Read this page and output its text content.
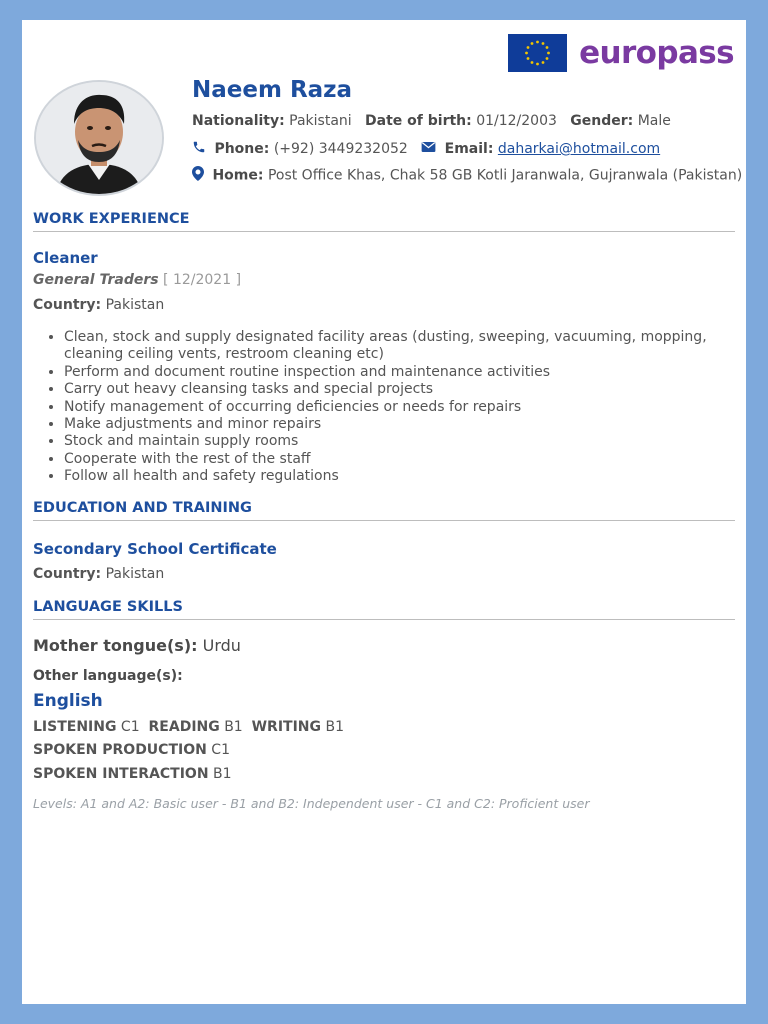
europass
Naeem Raza
Nationality: Pakistani Date of birth: 01/12/2003 Gender: Male
Phone: (+92) 3449232052	Email: daharkai@hotmail.com
Home: Post Office Khas, Chak 58 GB Kotli Jaranwala, Gujranwala (Pakistan)
WORK EXPERIENCE
Cleaner
General Traders [ 12/2021 ]
Country: Pakistan
• Clean, stock and supply designated facility areas (dusting, sweeping, vacuuming, mopping, cleaning ceiling vents, restroom cleaning etc)
• Perform and document routine inspection and maintenance activities
• Carry out heavy cleansing tasks and special projects
• Notify management of occurring deficiencies or needs for repairs
• Make adjustments and minor repairs
• Stock and maintain supply rooms
• Cooperate with the rest of the staff
• Follow all health and safety regulations
EDUCATION AND TRAINING
Secondary School Certificate
Country: Pakistan
LANGUAGE SKILLS
Mother tongue(s): Urdu
Other language(s):
English
LISTENING C1 READING B1 WRITING B1
SPOKEN PRODUCTION C1
SPOKEN INTERACTION B1
Levels: A1 and A2: Basic user - B1 and B2: Independent user - C1 and C2: Proficient user
